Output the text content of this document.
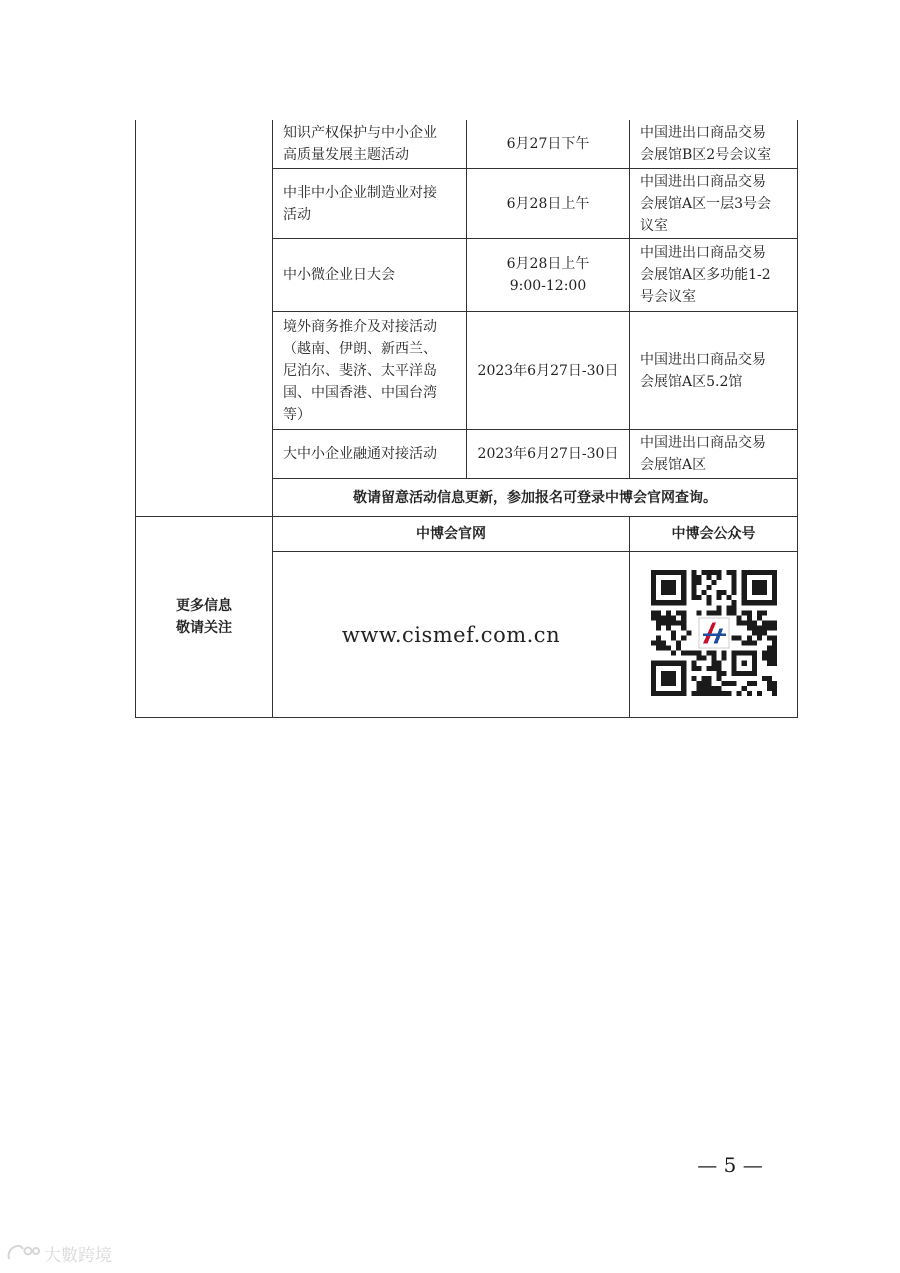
知识产权保护与中小企业
高质量发展主题活动
6月27日下午
中国进出口商品交易
会展馆B区2号会议室
中非中小企业制造业对接
活动
6月28日上午
中国进出口商品交易
会展馆A区一层3号会
议室
中小微企业日大会
6月28日上午
9:00-12:00
中国进出口商品交易
会展馆A区多功能1-2
号会议室
境外商务推介及对接活动
（越南、伊朗、新西兰、
尼泊尔、斐济、太平洋岛
国、中国香港、中国台湾
等）
2023年6月27日-30日
中国进出口商品交易
会展馆A区5.2馆
大中小企业融通对接活动	2023年6月27日-30日
中国进出口商品交易
会展馆A区
敬请留意活动信息更新，参加报名可登录中博会官网查询。
更多信息
敬请关注
中博会官网	中博会公众号
www.cismef.com.cn
— 5 —
大數跨境
